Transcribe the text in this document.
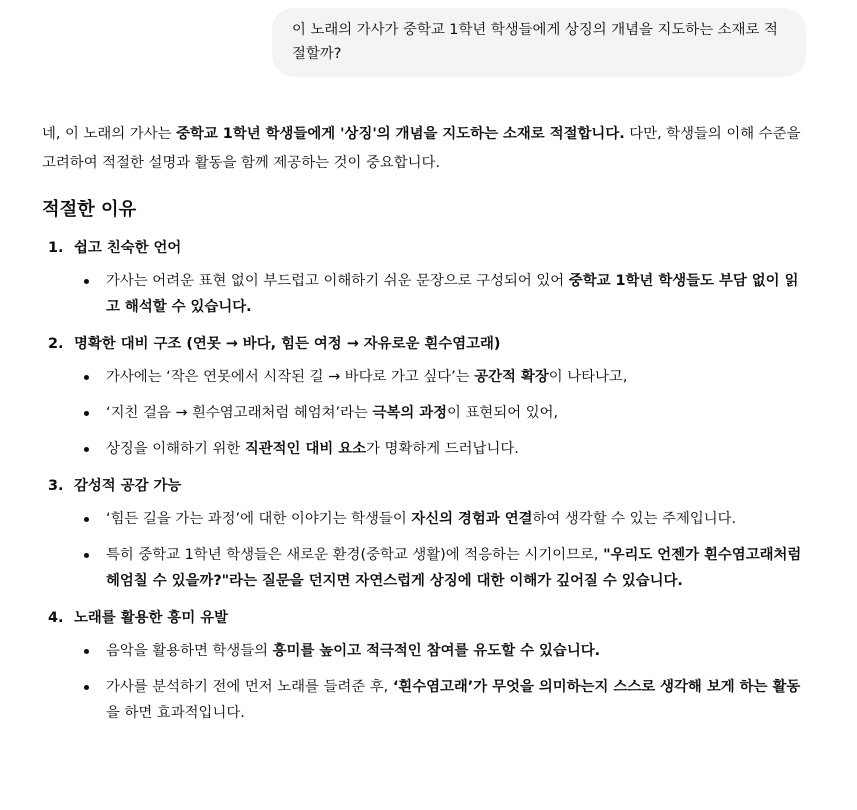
이 노래의 가사가 중학교 1학년 학생들에게 상징의 개념을 지도하는 소재로 적절할까?

네, 이 노래의 가사는 중학교 1학년 학생들에게 '상징'의 개념을 지도하는 소재로 적절합니다. 다만, 학생들의 이해 수준을 고려하여 적절한 설명과 활동을 함께 제공하는 것이 중요합니다.

적절한 이유
1. 쉽고 친숙한 언어
가사는 어려운 표현 없이 부드럽고 이해하기 쉬운 문장으로 구성되어 있어 중학교 1학년 학생들도 부담 없이 읽고 해석할 수 있습니다.
2. 명확한 대비 구조 (연못 → 바다, 힘든 여정 → 자유로운 흰수염고래)
가사에는 ‘작은 연못에서 시작된 길 → 바다로 가고 싶다’는 공간적 확장이 나타나고,
‘지친 걸음 → 흰수염고래처럼 헤엄쳐’라는 극복의 과정이 표현되어 있어,
상징을 이해하기 위한 직관적인 대비 요소가 명확하게 드러납니다.
3. 감성적 공감 가능
‘힘든 길을 가는 과정’에 대한 이야기는 학생들이 자신의 경험과 연결하여 생각할 수 있는 주제입니다.
특히 중학교 1학년 학생들은 새로운 환경(중학교 생활)에 적응하는 시기이므로, "우리도 언젠가 흰수염고래처럼 헤엄칠 수 있을까?"라는 질문을 던지면 자연스럽게 상징에 대한 이해가 깊어질 수 있습니다.
4. 노래를 활용한 흥미 유발
음악을 활용하면 학생들의 흥미를 높이고 적극적인 참여를 유도할 수 있습니다.
가사를 분석하기 전에 먼저 노래를 들려준 후, ‘흰수염고래’가 무엇을 의미하는지 스스로 생각해 보게 하는 활동을 하면 효과적입니다.
